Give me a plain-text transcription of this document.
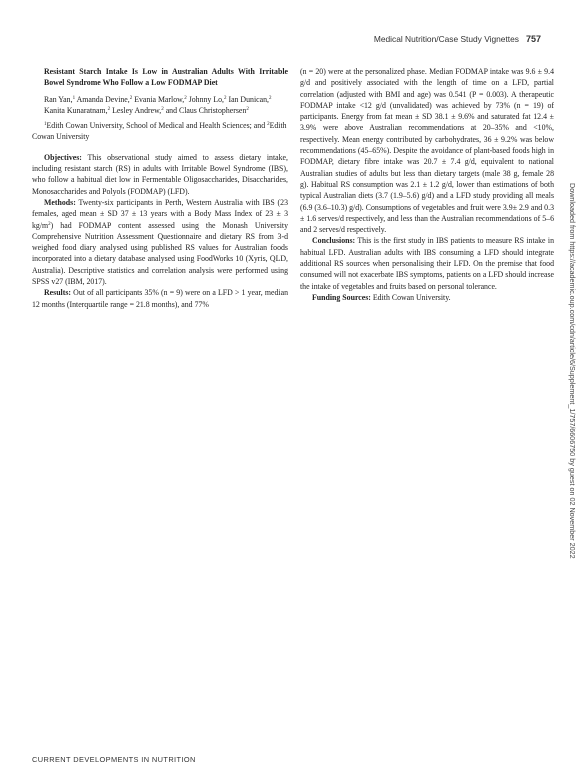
Medical Nutrition/Case Study Vignettes 757
Resistant Starch Intake Is Low in Australian Adults With Irritable Bowel Syndrome Who Follow a Low FODMAP Diet
Ran Yan,$^1$ Amanda Devine,$^2$ Evania Marlow,$^2$ Johnny Lo,$^2$ Ian Dunican,$^2$ Kanita Kunaratnam,$^2$ Lesley Andrew,$^2$ and Claus Christophersen$^2$
$^1$Edith Cowan University, School of Medical and Health Sciences; and $^2$Edith Cowan University

Objectives: This observational study aimed to assess dietary intake, including resistant starch (RS) in adults with Irritable Bowel Syndrome (IBS), who follow a habitual diet low in Fermentable Oligosaccharides, Disaccharides, Monosaccharides and Polyols (FODMAP) (LFD).

Methods: Twenty-six participants in Perth, Western Australia with IBS (23 females, aged mean ± SD 37 ± 13 years with a Body Mass Index of 23 ± 3 $kg/m^2$) had FODMAP content assessed using the Monash University Comprehensive Nutrition Assessment Questionnaire and dietary RS from 3-d weighed food diary analysed using published RS values for Australian foods incorporated into a dietary database analysed using FoodWorks 10 (Xyris, QLD, Australia). Descriptive statistics and correlation analysis were performed using SPSS v27 (IBM, 2017).

Results: Out of all participants 35% (n = 9) were on a LFD > 1 year, median 12 months (Interquartile range = 21.8 months), and 77%

(n = 20) were at the personalized phase. Median FODMAP intake was 9.6 ± 9.4 g/d and positively associated with the length of time on a LFD, partial correlation (adjusted with BMI and age) was 0.541 (P = 0.003). A therapeutic FODMAP intake <12 g/d (unvalidated) was achieved by 73% (n = 19) of participants. Energy from fat mean ± SD 38.1 ± 9.6% and saturated fat 12.4 ± 3.9% were above Australian recommendations at 20–35% and <10%, respectively. Mean energy contributed by carbohydrates, 36 ± 9.2% was below recommendations (45–65%). Despite the avoidance of plant-based foods high in FODMAP, dietary fibre intake was 20.7 ± 7.4 g/d, equivalent to national Australian studies of adults but less than dietary targets (male 38 g, female 28 g). Habitual RS consumption was 2.1 ± 1.2 g/d, lower than estimations of both typical Australian diets (3.7 (1.9–5.6) g/d) and a LFD study providing all meals (6.9 (3.6–10.3) g/d). Consumptions of vegetables and fruit were 3.9± 2.9 and 0.3 ± 1.6 serves/d respectively, and less than the Australian recommendations of 5–6 and 2 serves/d respectively.

Conclusions: This is the first study in IBS patients to measure RS intake in habitual LFD. Australian adults with IBS consuming a LFD should integrate additional RS sources when personalising their LFD. On the premise that food consumed will not exacerbate IBS symptoms, patients on a LFD should increase the intake of vegetables and fruits based on personal tolerance.

Funding Sources: Edith Cowan University.

CURRENT DEVELOPMENTS IN NUTRITION
Downloaded from https://academic.oup.com/cdn/article/6/Supplement_1/757/6606750 by guest on 02 November 2022
